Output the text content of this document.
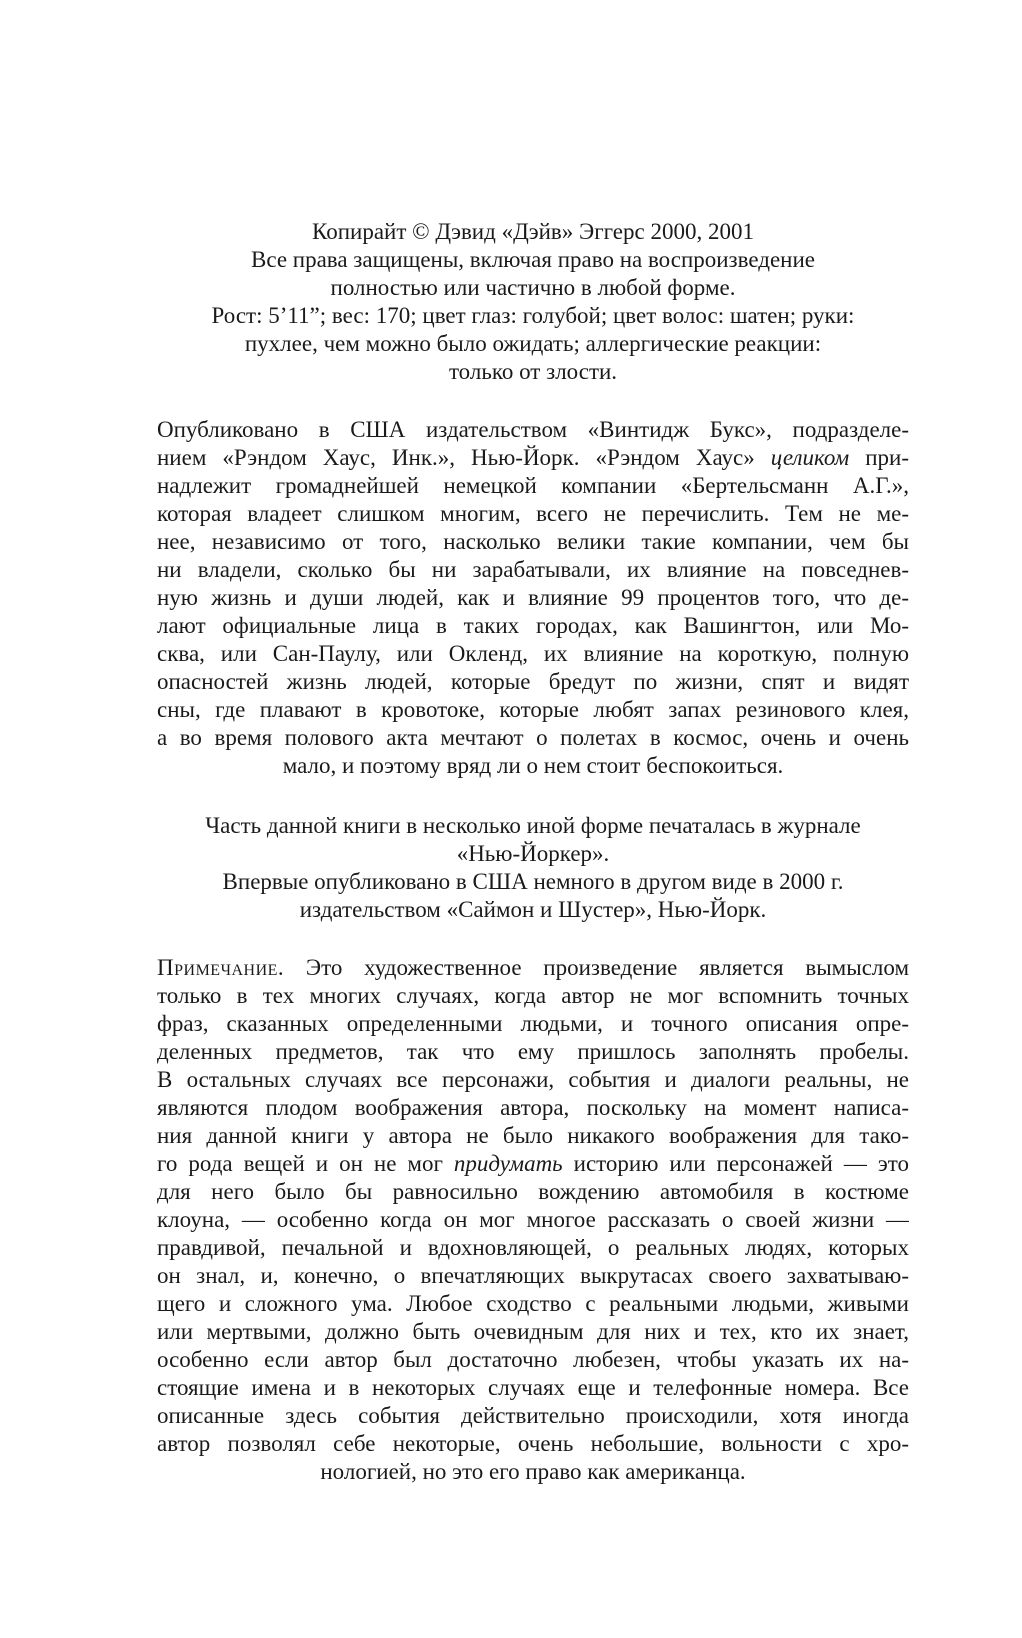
Копирайт © Дэвид «Дэйв» Эггерс 2000, 2001
Все права защищены, включая право на воспроизведение
полностью или частично в любой форме.
Рост: 5’11”; вес: 170; цвет глаз: голубой; цвет волос: шатен; руки:
пухлее, чем можно было ожидать; аллергические реакции:
только от злости.
Опубликовано в США издательством «Винтидж Букс», подразделе-
нием «Рэндом Хаус, Инк.», Нью-Йорк. «Рэндом Хаус» целиком при-
надлежит громаднейшей немецкой компании «Бертельсманн А.Г.»,
которая владеет слишком многим, всего не перечислить. Тем не ме-
нее, независимо от того, насколько велики такие компании, чем бы
ни владели, сколько бы ни зарабатывали, их влияние на повседнев-
ную жизнь и души людей, как и влияние 99 процентов того, что де-
лают официальные лица в таких городах, как Вашингтон, или Мо-
сква, или Сан-Паулу, или Окленд, их влияние на короткую, полную
опасностей жизнь людей, которые бредут по жизни, спят и видят
сны, где плавают в кровотоке, которые любят запах резинового клея,
а во время полового акта мечтают о полетах в космос, очень и очень
мало, и поэтому вряд ли о нем стоит беспокоиться.
Часть данной книги в несколько иной форме печаталась в журнале
«Нью-Йоркер».
Впервые опубликовано в США немного в другом виде в 2000 г.
издательством «Саймон и Шустер», Нью-Йорк.
Примечание. Это художественное произведение является вымыслом
только в тех многих случаях, когда автор не мог вспомнить точных
фраз, сказанных определенными людьми, и точного описания опре-
деленных предметов, так что ему пришлось заполнять пробелы.
В остальных случаях все персонажи, события и диалоги реальны, не
являются плодом воображения автора, поскольку на момент написа-
ния данной книги у автора не было никакого воображения для тако-
го рода вещей и он не мог придумать историю или персонажей — это
для него было бы равносильно вождению автомобиля в костюме
клоуна, — особенно когда он мог многое рассказать о своей жизни —
правдивой, печальной и вдохновляющей, о реальных людях, которых
он знал, и, конечно, о впечатляющих выкрутасах своего захватываю-
щего и сложного ума. Любое сходство с реальными людьми, живыми
или мертвыми, должно быть очевидным для них и тех, кто их знает,
особенно если автор был достаточно любезен, чтобы указать их на-
стоящие имена и в некоторых случаях еще и телефонные номера. Все
описанные здесь события действительно происходили, хотя иногда
автор позволял себе некоторые, очень небольшие, вольности с хро-
нологией, но это его право как американца.
